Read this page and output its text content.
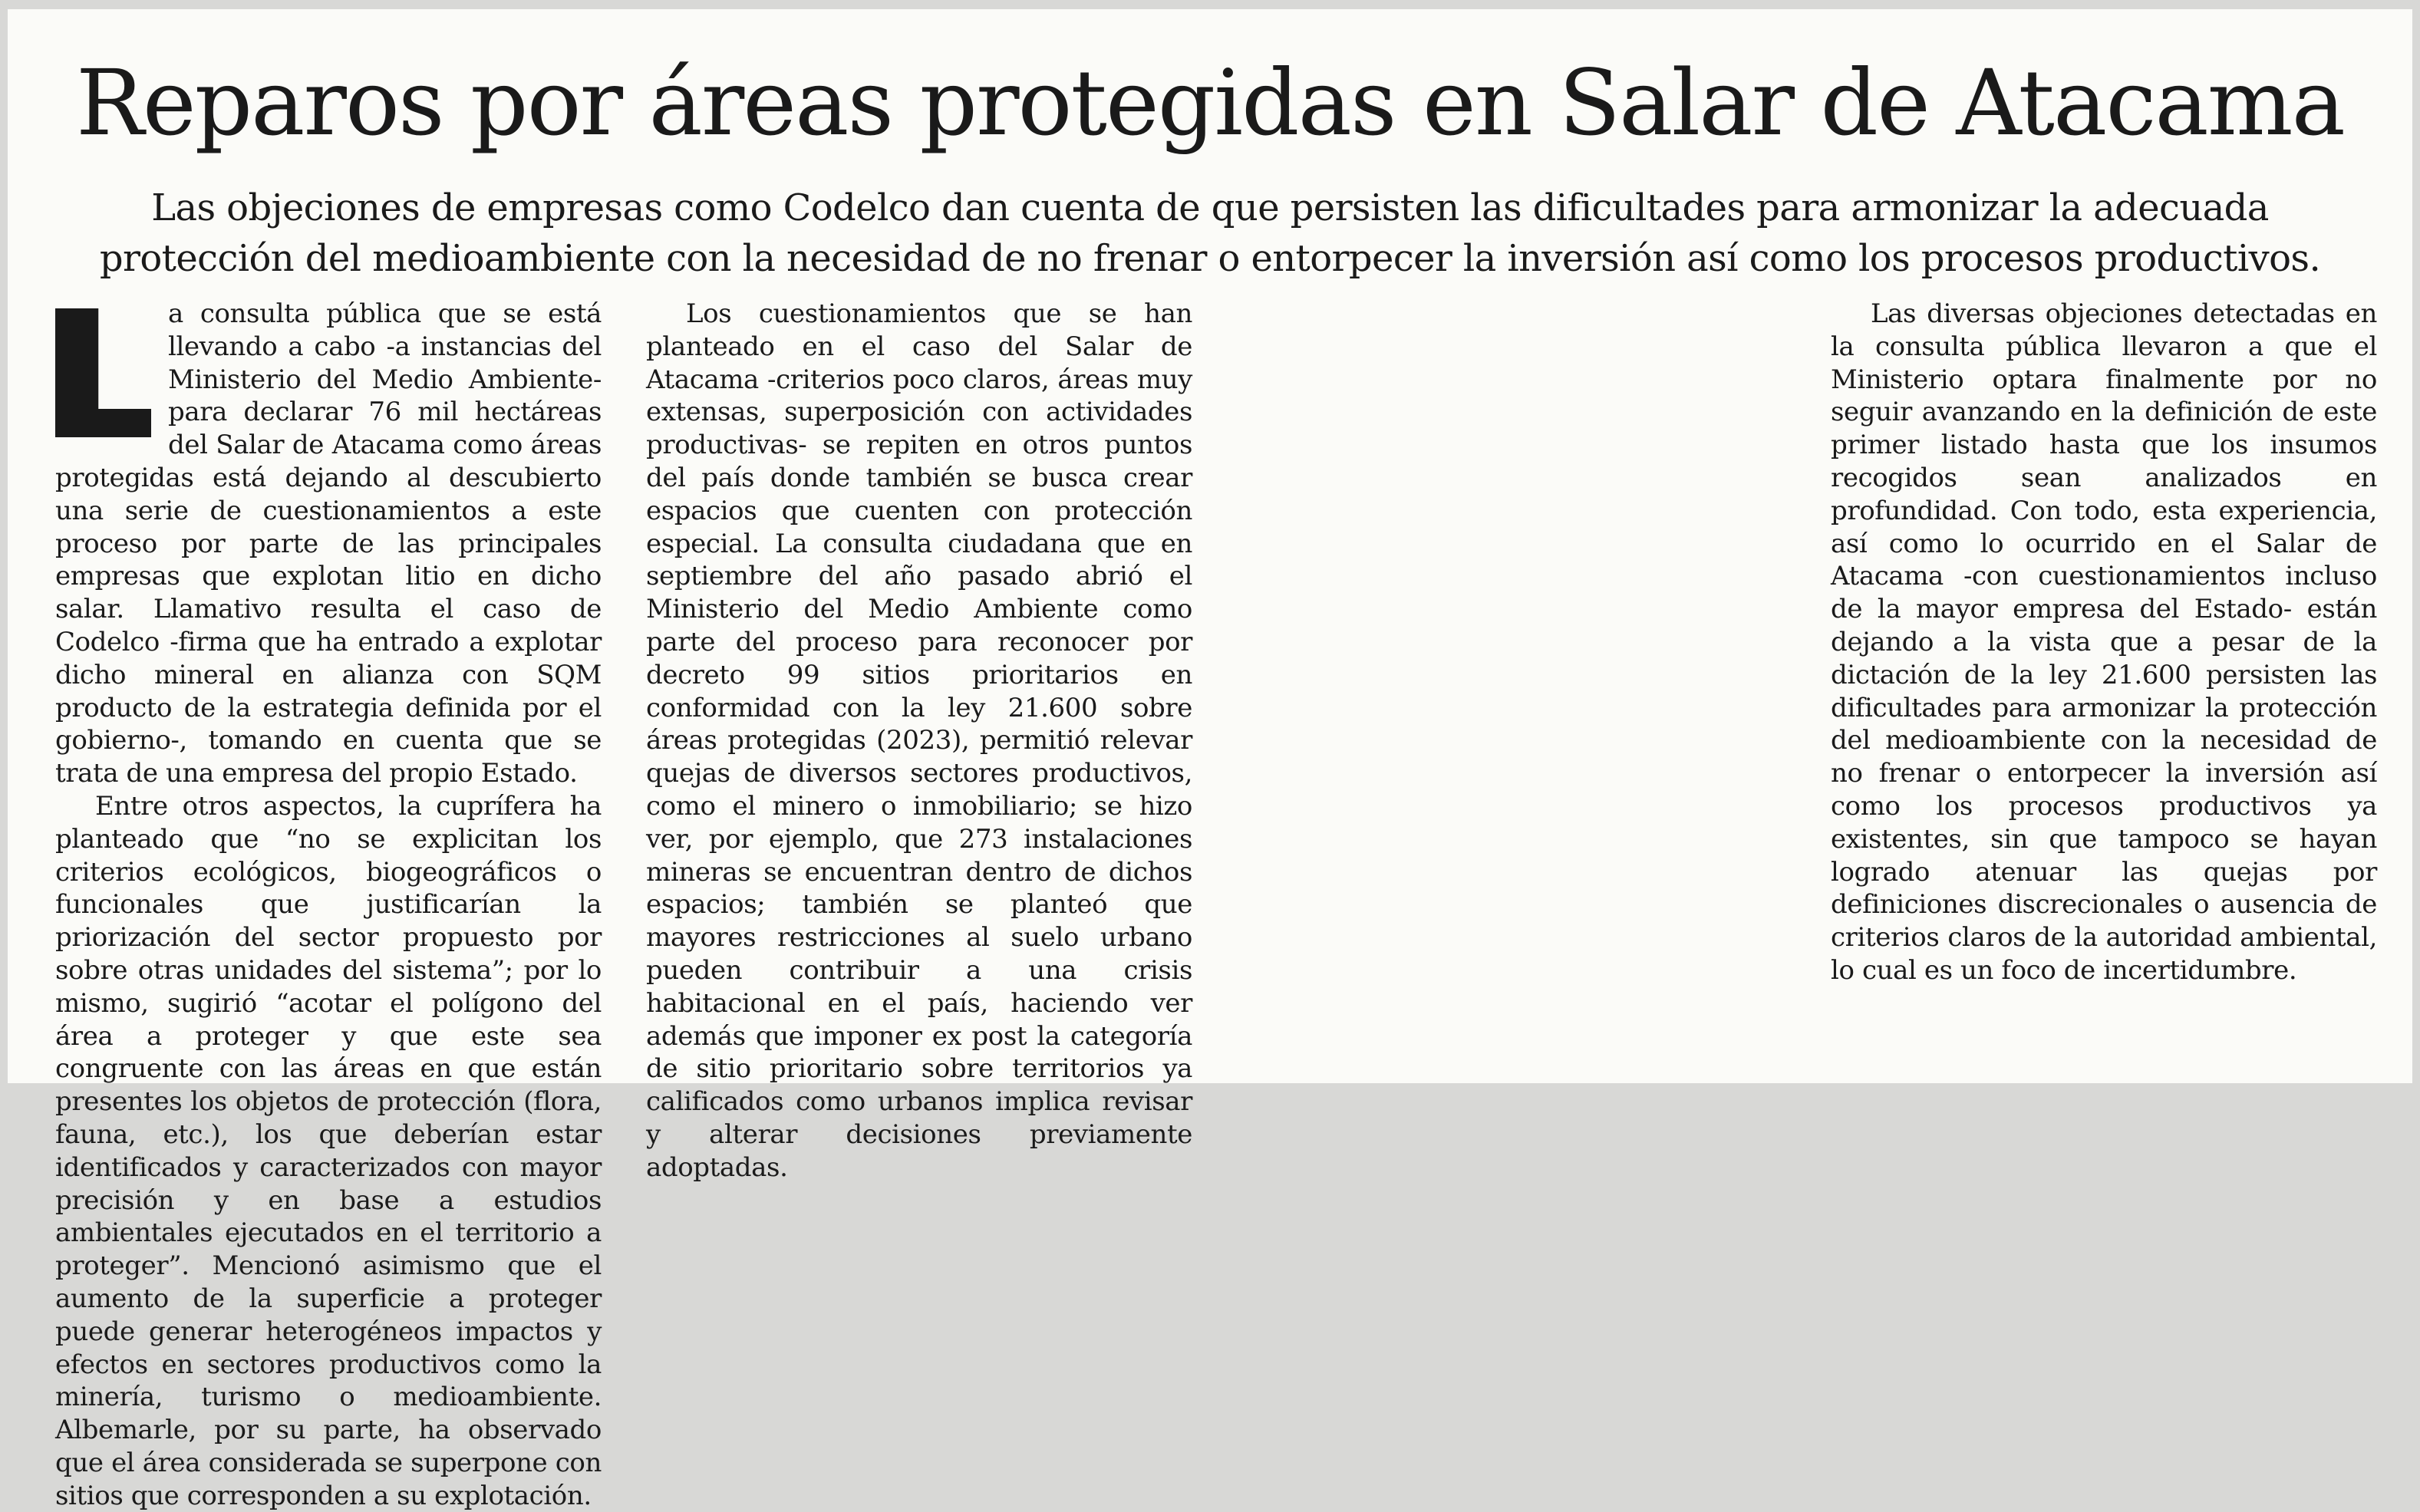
Reparos por áreas protegidas en Salar de Atacama
Las objeciones de empresas como Codelco dan cuenta de que persisten las dificultades para armonizar la adecuada
protección del medioambiente con la necesidad de no frenar o entorpecer la inversión así como los procesos productivos.

a consulta pública que se está llevando a cabo -a instancias del Ministerio del Medio Ambiente- para declarar 76 mil hectáreas del Salar de Atacama como áreas protegidas está dejando al descubierto una serie de cuestionamientos a este proceso por parte de las principales empresas que explotan litio en dicho salar. Llamativo resulta el caso de Codelco -firma que ha entrado a explotar dicho mineral en alianza con SQM producto de la estrategia definida por el gobierno-, tomando en cuenta que se trata de una empresa del propio Estado.

Entre otros aspectos, la cuprífera ha planteado que “no se explicitan los criterios ecológicos, biogeográficos o funcionales que justificarían la priorización del sector propuesto por sobre otras unidades del sistema”; por lo mismo, sugirió “acotar el polígono del área a proteger y que este sea congruente con las áreas en que están presentes los objetos de protección (flora, fauna, etc.), los que deberían estar identificados y caracterizados con mayor precisión y en base a estudios ambientales ejecutados en el territorio a proteger”. Mencionó asimismo que el aumento de la superficie a proteger puede generar heterogéneos impactos y efectos en sectores productivos como la minería, turismo o medioambiente. Albemarle, por su parte, ha observado que el área considerada se superpone con sitios que corresponden a su explotación.

Los cuestionamientos que se han planteado en el caso del Salar de Atacama -criterios poco claros, áreas muy extensas, superposición con actividades productivas- se repiten en otros puntos del país donde también se busca crear espacios que cuenten con protección especial. La consulta ciudadana que en septiembre del año pasado abrió el Ministerio del Medio Ambiente como parte del proceso para reconocer por decreto 99 sitios prioritarios en conformidad con la ley 21.600 sobre áreas protegidas (2023), permitió relevar quejas de diversos sectores productivos, como el minero o inmobiliario; se hizo ver, por ejemplo, que 273 instalaciones mineras se encuentran dentro de dichos espacios; también se planteó que mayores restricciones al suelo urbano pueden contribuir a una crisis habitacional en el país, haciendo ver además que imponer ex post la categoría de sitio prioritario sobre territorios ya calificados como urbanos implica revisar y alterar decisiones previamente adoptadas.

Las diversas objeciones detectadas en la consulta pública llevaron a que el Ministerio optara finalmente por no seguir avanzando en la definición de este primer listado hasta que los insumos recogidos sean analizados en profundidad. Con todo, esta experiencia, así como lo ocurrido en el Salar de Atacama -con cuestionamientos incluso de la mayor empresa del Estado- están dejando a la vista que a pesar de la dictación de la ley 21.600 persisten las dificultades para armonizar la protección del medioambiente con la necesidad de no frenar o entorpecer la inversión así como los procesos productivos ya existentes, sin que tampoco se hayan logrado atenuar las quejas por definiciones discrecionales o ausencia de criterios claros de la autoridad ambiental, lo cual es un foco de incertidumbre.
